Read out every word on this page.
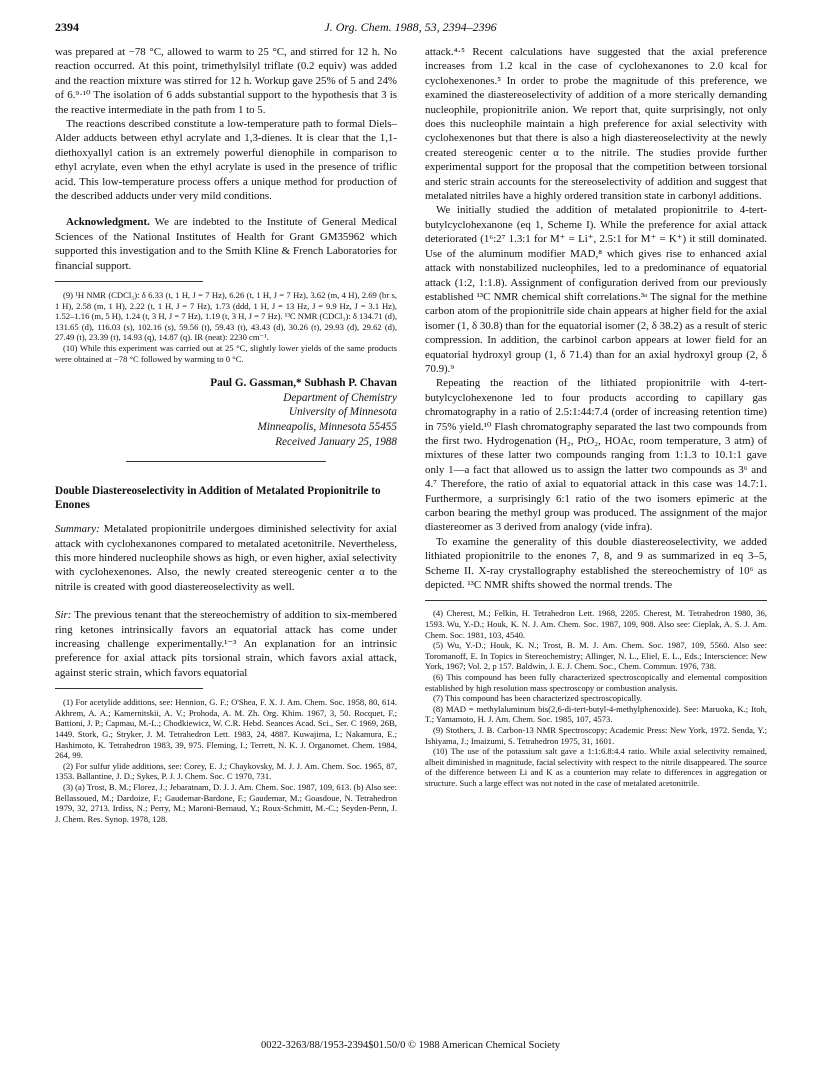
2394	J. Org. Chem. 1988, 53, 2394–2396

was prepared at −78 °C, allowed to warm to 25 °C, and stirred for 12 h. No reaction occurred. At this point, trimethylsilyl triflate (0.2 equiv) was added and the reaction mixture was stirred for 12 h. Workup gave 25% of 5 and 24% of 6.⁹·¹⁰ The isolation of 6 adds substantial support to the hypothesis that 3 is the reactive intermediate in the path from 1 to 5.

The reactions described constitute a low-temperature path to formal Diels–Alder adducts between ethyl acrylate and 1,3-dienes. It is clear that the 1,1-diethoxyallyl cation is an extremely powerful dienophile in comparison to ethyl acrylate, even when the ethyl acrylate is used in the presence of triflic acid. This low-temperature process offers a unique method for production of the described adducts under very mild conditions.

Acknowledgment. We are indebted to the Institute of General Medical Sciences of the National Institutes of Health for Grant GM35962 which supported this investigation and to the Smith Kline & French Laboratories for financial support.

(9) ¹H NMR (CDCl₃): δ 6.33 (t, 1 H, J = 7 Hz), 6.26 (t, 1 H, J = 7 Hz), 3.62 (m, 4 H), 2.69 (br s, 1 H), 2.58 (m, 1 H), 2.22 (t, 1 H, J = 7 Hz), 1.73 (ddd, 1 H, J = 13 Hz, J = 9.9 Hz, J = 3.1 Hz), 1.52–1.16 (m, 5 H), 1.24 (t, 3 H, J = 7 Hz), 1.19 (t, 3 H, J = 7 Hz). ¹³C NMR (CDCl₃): δ 134.71 (d), 131.65 (d), 116.03 (s), 102.16 (s), 59.56 (t), 59.43 (t), 43.43 (d), 30.26 (t), 29.93 (d), 29.62 (d), 27.49 (t), 23.39 (t), 14.93 (q), 14.87 (q). IR (neat): 2230 cm⁻¹.

(10) While this experiment was carried out at 25 °C, slightly lower yields of the same products were obtained at −78 °C followed by warming to 0 °C.

Paul G. Gassman,* Subhash P. Chavan
Department of Chemistry
University of Minnesota
Minneapolis, Minnesota 55455
Received January 25, 1988
Double Diastereoselectivity in Addition of Metalated Propionitrile to Enones

Summary: Metalated propionitrile undergoes diminished selectivity for axial attack with cyclohexanones compared to metalated acetonitrile. Nevertheless, this more hindered nucleophile shows as high, or even higher, axial selectivity with cyclohexenones. Also, the newly created stereogenic center α to the nitrile is created with good diastereoselectivity as well.

Sir: The previous tenant that the stereochemistry of addition to six-membered ring ketones intrinsically favors an equatorial attack has come under increasing challenge experimentally.¹⁻³ An explanation for an intrinsic preference for axial attack pits torsional strain, which favors axial attack, against steric strain, which favors equatorial

(1) For acetylide additions, see: Hennion, G. F.; O'Shea, F. X. J. Am. Chem. Soc. 1958, 80, 614. Akhrem, A. A.; Kamernitskii, A. V.; Prohoda, A. M. Zh. Org. Khim. 1967, 3, 50. Rocquet, F.; Battioni, J. P.; Capmau, M.-L.; Chodkiewicz, W. C.R. Hebd. Seances Acad. Sci., Ser. C 1969, 26B, 1449. Stork, G.; Stryker, J. M. Tetrahedron Lett. 1983, 24, 4887. Kuwajima, I.; Nakamura, E.; Hashimoto, K. Tetrahedron 1983, 39, 975. Fleming, I.; Terrett, N. K. J. Organomet. Chem. 1984, 264, 99.

(2) For sulfur ylide additions, see: Corey, E. J.; Chaykovsky, M. J. J. Am. Chem. Soc. 1965, 87, 1353. Ballantine, J. D.; Sykes, P. J. J. Chem. Soc. C 1970, 731.

(3) (a) Trost, B. M.; Florez, J.; Jebaratnam, D. J. J. Am. Chem. Soc. 1987, 109, 613. (b) Also see: Bellassoued, M.; Dardoize, F.; Gaudemar-Bardone, F.; Gaudemar, M.; Goasdoue, N. Tetrahedron 1979, 32, 2713. Irdiss, N.; Perry, M.; Maroni-Bernaud, Y.; Roux-Schmitt, M.-C.; Seyden-Penn, J. J. Chem. Res. Synop. 1978, 128.

attack.⁴·⁵ Recent calculations have suggested that the axial preference increases from 1.2 kcal in the case of cyclohexanones to 2.0 kcal for cyclohexenones.⁵ In order to probe the magnitude of this preference, we examined the diastereoselectivity of addition of a more sterically demanding nucleophile, propionitrile anion. We report that, quite surprisingly, not only does this nucleophile maintain a high preference for axial selectivity with cyclohexenones but that there is also a high diastereoselectivity at the newly created stereogenic center α to the nitrile. The studies provide further experimental support for the proposal that the competition between torsional and steric strain accounts for the stereoselectivity of addition and suggest that metalated nitriles have a highly ordered transition state in carbonyl additions.

We initially studied the addition of metalated propionitrile to 4-tert-butylcyclohexanone (eq 1, Scheme I). While the preference for axial attack deteriorated (1⁶:2⁷ 1.3:1 for M⁺ = Li⁺, 2.5:1 for M⁺ = K⁺) it still dominated. Use of the aluminum modifier MAD,⁸ which gives rise to enhanced axial attack with nonstabilized nucleophiles, led to a predominance of equatorial attack (1:2, 1:1.8). Assignment of configuration derived from our previously established ¹³C NMR chemical shift correlations.³ᵃ The signal for the methine carbon atom of the propionitrile side chain appears at higher field for the axial isomer (1, δ 30.8) than for the equatorial isomer (2, δ 38.2) as a result of steric compression. In addition, the carbinol carbon appears at lower field for an equatorial hydroxyl group (1, δ 71.4) than for an axial hydroxyl group (2, δ 70.9).⁹

Repeating the reaction of the lithiated propionitrile with 4-tert-butylcyclohexenone led to four products according to capillary gas chromatography in a ratio of 2.5:1:44:7.4 (order of increasing retention time) in 75% yield.¹⁰ Flash chromatography separated the last two compounds from the first two. Hydrogenation (H₂, PtO₂, HOAc, room temperature, 3 atm) of mixtures of these latter two compounds ranging from 1:1.3 to 10.1:1 gave only 1—a fact that allowed us to assign the latter two compounds as 3⁶ and 4.⁷ Therefore, the ratio of axial to equatorial attack in this case was 14.7:1. Furthermore, a surprisingly 6:1 ratio of the two isomers epimeric at the carbon bearing the methyl group was produced. The assignment of the major diastereomer as 3 derived from analogy (vide infra).

To examine the generality of this double diastereoselectivity, we added lithiated propionitrile to the enones 7, 8, and 9 as summarized in eq 3–5, Scheme II. X-ray crystallography established the stereochemistry of 10⁶ as depicted. ¹³C NMR shifts showed the normal trends. The

(4) Cherest, M.; Felkin, H. Tetrahedron Lett. 1968, 2205. Cherest, M. Tetrahedron 1980, 36, 1593. Wu, Y.-D.; Houk, K. N. J. Am. Chem. Soc. 1987, 109, 908. Also see: Cieplak, A. S. J. Am. Chem. Soc. 1981, 103, 4540.

(5) Wu, Y.-D.; Houk, K. N.; Trost, B. M. J. Am. Chem. Soc. 1987, 109, 5560. Also see: Toromanoff, E. In Topics in Stereochemistry; Allinger, N. L., Eliel, E. L., Eds.; Interscience: New York, 1967; Vol. 2, p 157. Baldwin, J. E. J. Chem. Soc., Chem. Commun. 1976, 738.

(6) This compound has been fully characterized spectroscopically and elemental composition established by high resolution mass spectroscopy or combustion analysis.

(7) This compound has been characterized spectroscopically.

(8) MAD = methylaluminum bis(2,6-di-tert-butyl-4-methylphenoxide). See: Maruoka, K.; Itoh, T.; Yamamoto, H. J. Am. Chem. Soc. 1985, 107, 4573.

(9) Stothers, J. B. Carbon-13 NMR Spectroscopy; Academic Press: New York, 1972. Senda, Y.; Ishiyama, J.; Imaizumi, S. Tetrahedron 1975, 31, 1601.

(10) The use of the potassium salt gave a 1:1:6.8:4.4 ratio. While axial selectivity remained, albeit diminished in magnitude, facial selectivity with respect to the nitrile disappeared. The source of the difference between Li and K as a counterion may relate to differences in aggregation or structure. Such a large effect was not noted in the case of metalated acetonitrile.

0022-3263/88/1953-2394$01.50/0 © 1988 American Chemical Society
